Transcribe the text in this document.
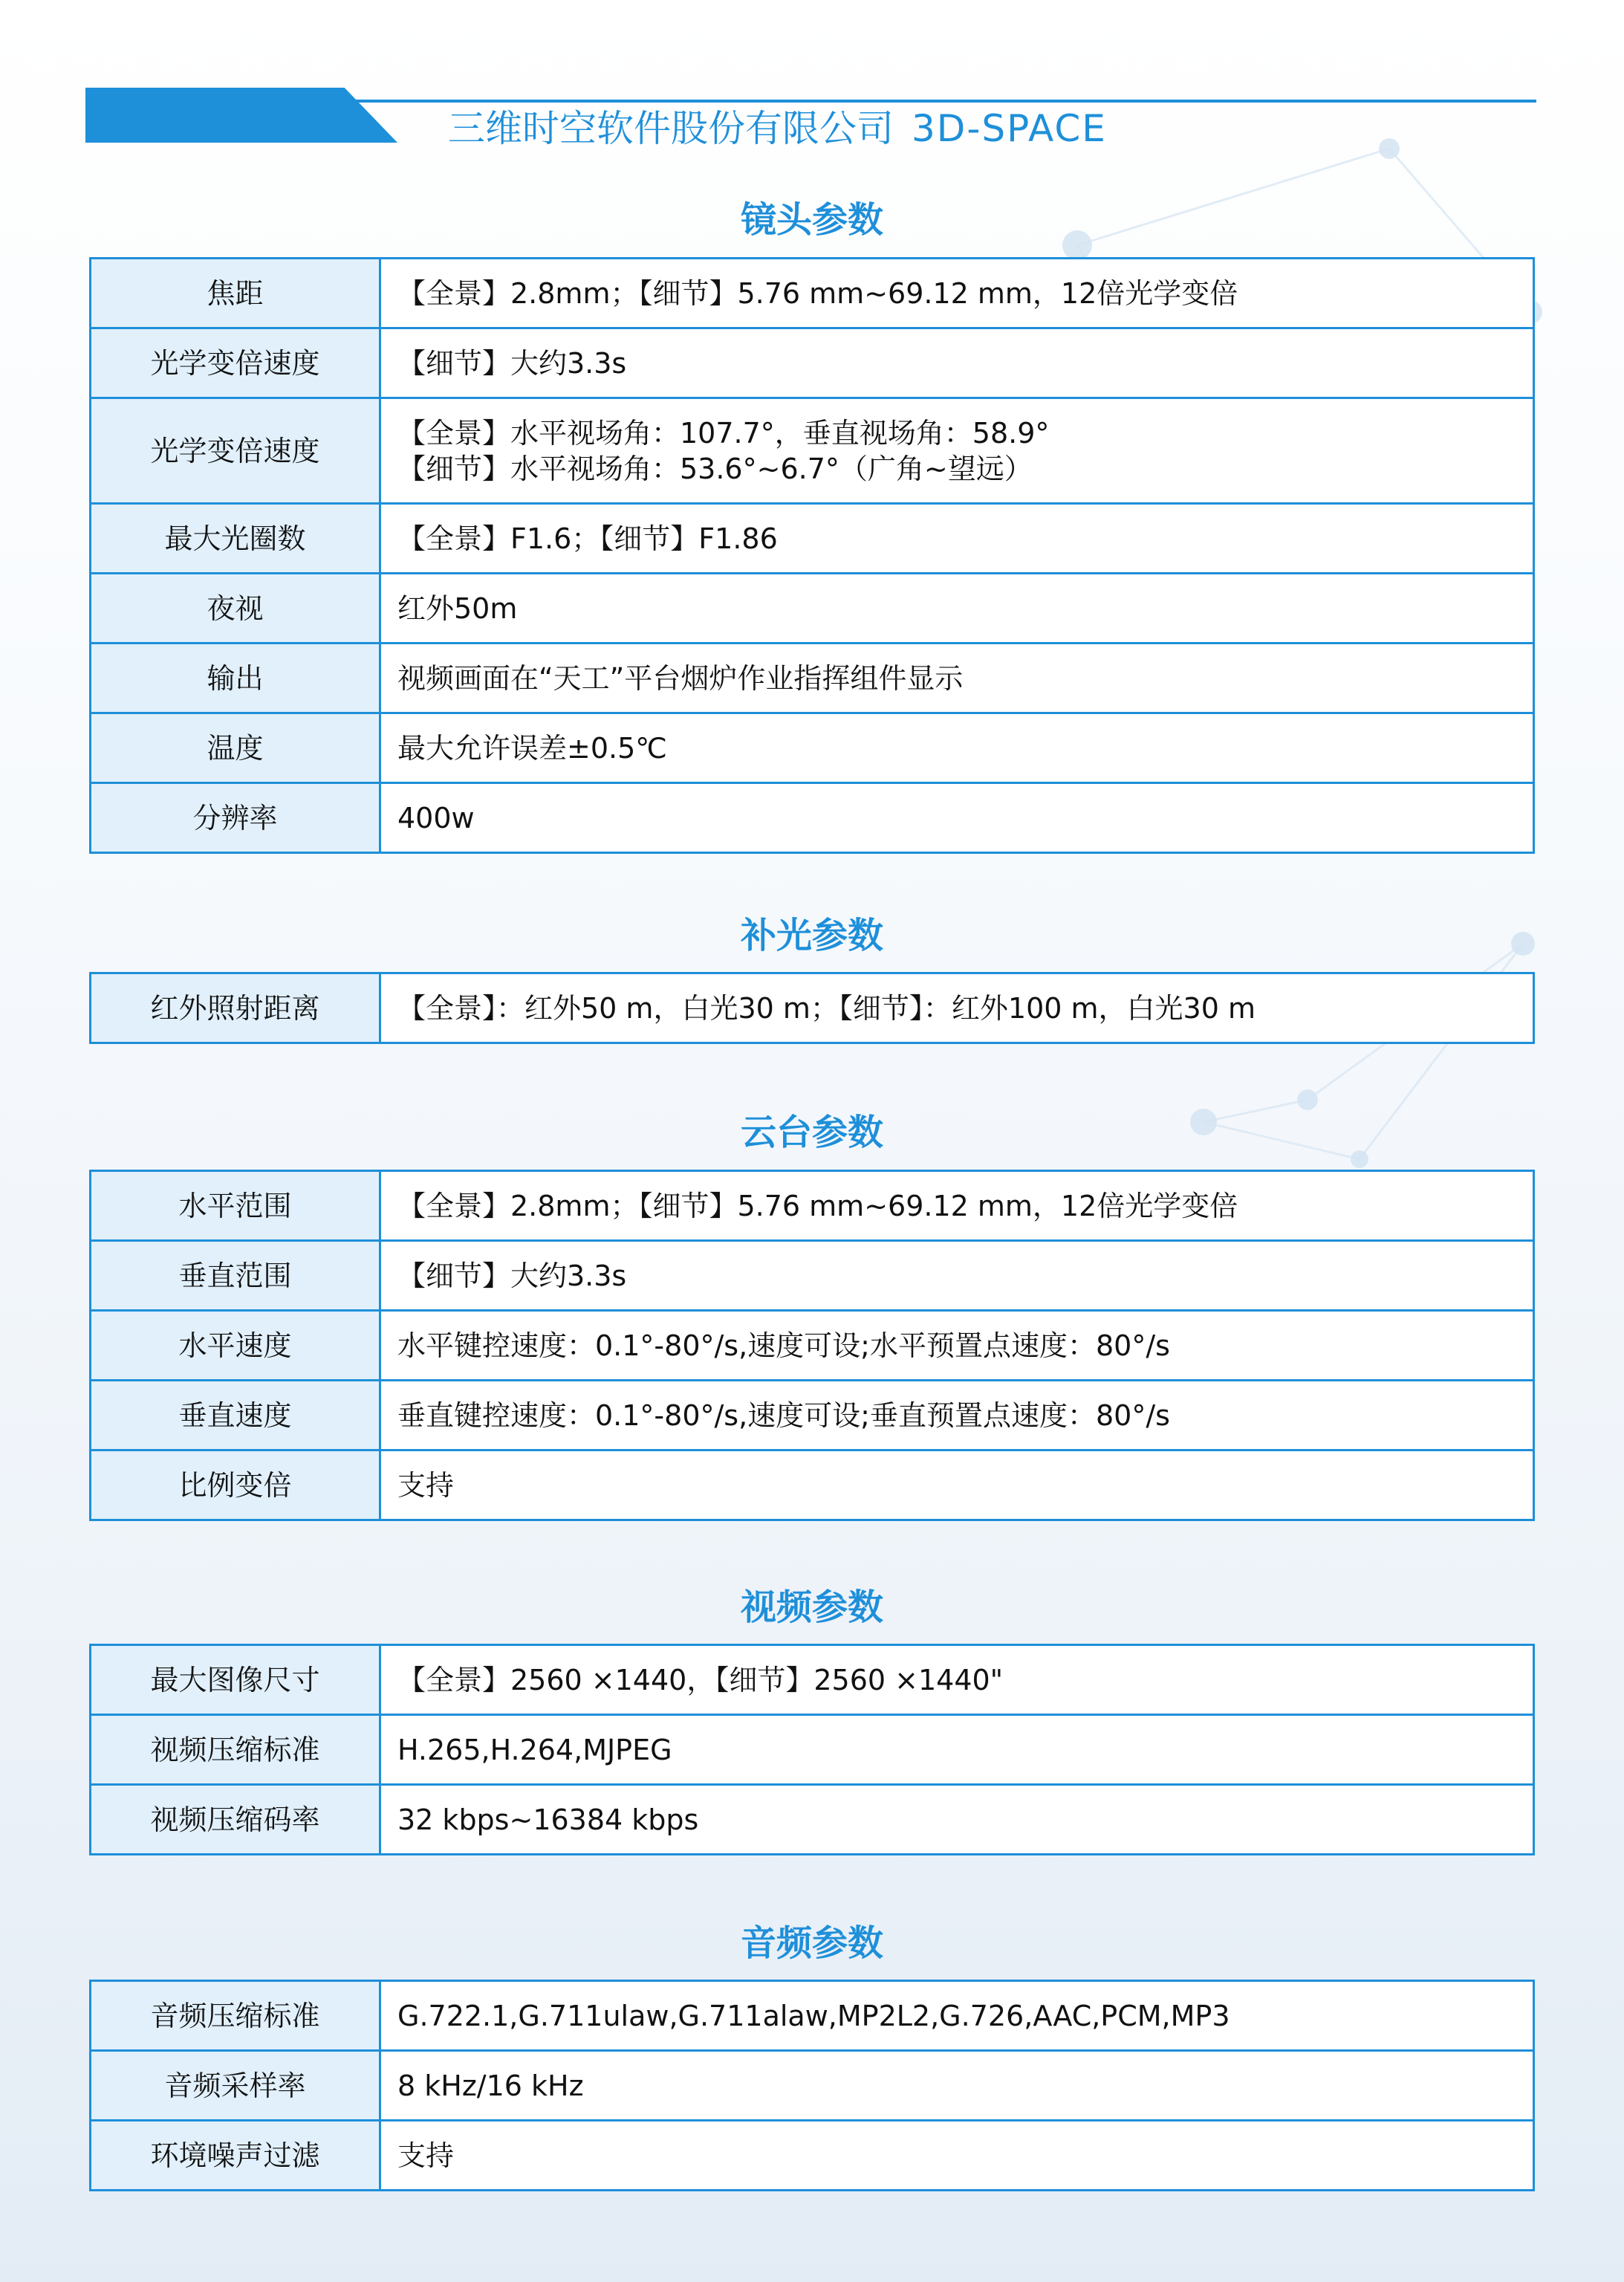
三维时空软件股份有限公司 3D-SPACE
镜头参数
焦距	【全景】2.8mm；【细节】5.76 mm~69.12 mm，12倍光学变倍
光学变倍速度	【细节】大约3.3s
光学变倍速度	【全景】水平视场角：107.7°，垂直视场角：58.9°
【细节】水平视场角：53.6°~6.7°（广角~望远）

最大光圈数	【全景】F1.6；【细节】F1.86
夜视	红外50m
输出	视频画面在“天工”平台烟炉作业指挥组件显示
温度	最大允许误差±0.5℃
分辨率	400w
补光参数
红外照射距离	【全景】：红外50 m，白光30 m；【细节】：红外100 m，白光30 m
云台参数
水平范围	【全景】2.8mm；【细节】5.76 mm~69.12 mm，12倍光学变倍
垂直范围	【细节】大约3.3s
水平速度	水平键控速度：0.1°-80°/s,速度可设;水平预置点速度：80°/s
垂直速度	垂直键控速度：0.1°-80°/s,速度可设;垂直预置点速度：80°/s
比例变倍	支持
视频参数
最大图像尺寸	【全景】2560 ×1440，【细节】2560 ×1440"
视频压缩标准	H.265,H.264,MJPEG
视频压缩码率	32 kbps~16384 kbps
音频参数
音频压缩标准	G.722.1,G.711ulaw,G.711alaw,MP2L2,G.726,AAC,PCM,MP3
音频采样率	8 kHz/16 kHz
环境噪声过滤	支持
